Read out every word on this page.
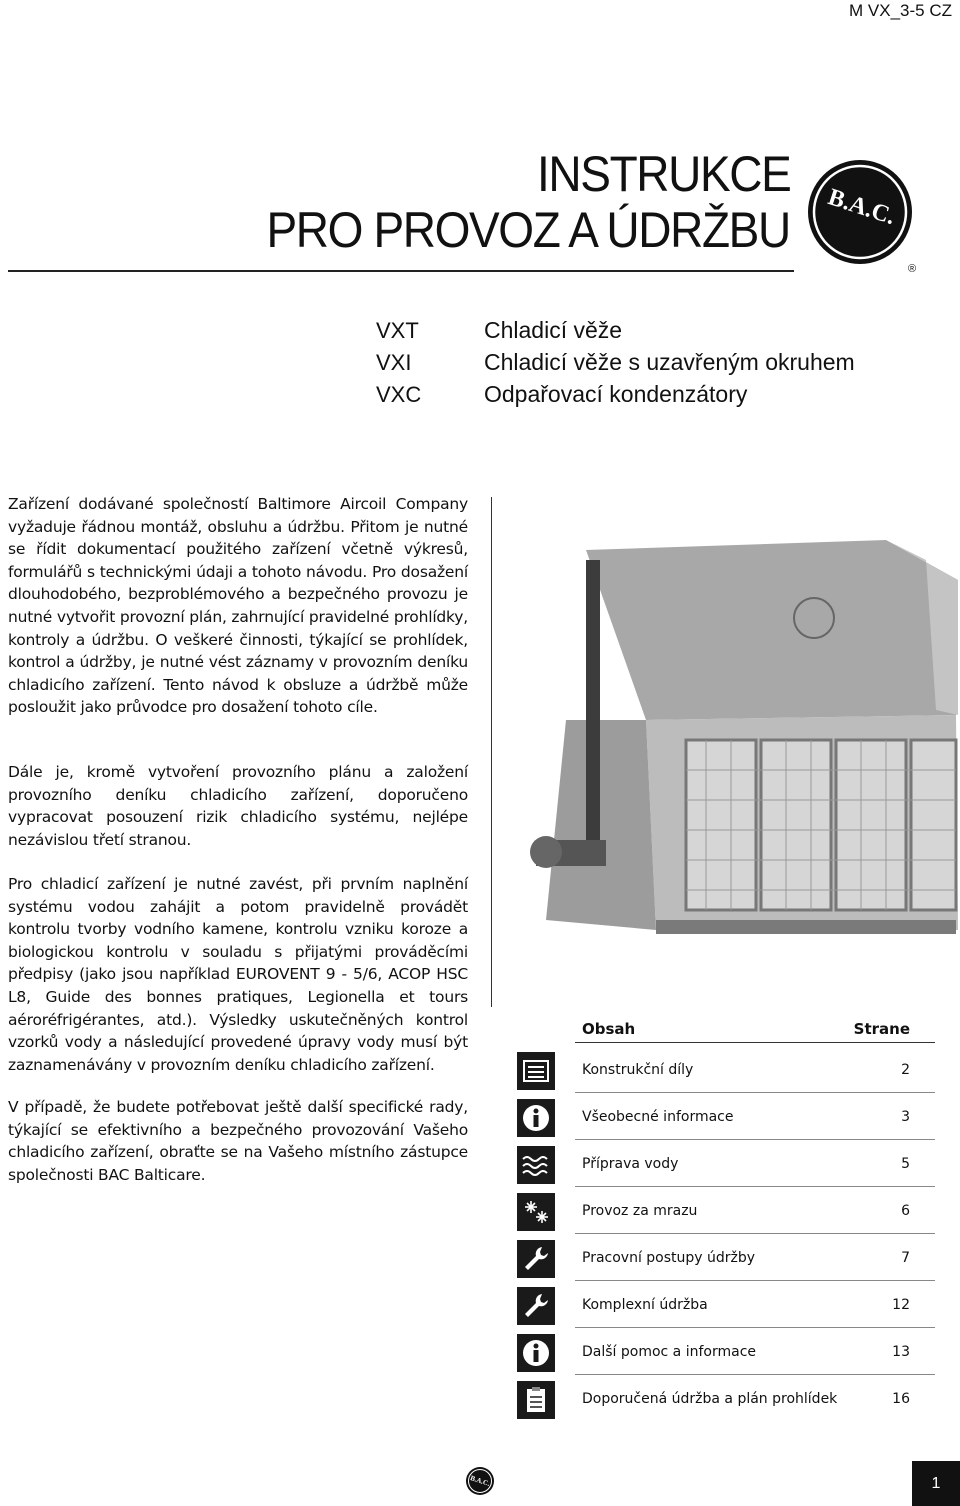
M VX_3-5 CZ
INSTRUKCE
PRO PROVOZ A ÚDRŽBU B.A.C.
®
VXT	Chladicí věže
VXI	Chladicí věže s uzavřeným okruhem
VXC	Odpařovací kondenzátory
Zařízení dodávané společností Baltimore Aircoil Company vyžaduje řádnou montáž, obsluhu a údržbu. Přitom je nutné se řídit dokumentací použitého zařízení včetně výkresů, formulářů s technickými údaji a tohoto návodu. Pro dosažení dlouhodobého, bezproblémového a bezpečného provozu je nutné vytvořit provozní plán, zahrnující pravidelné prohlídky, kontroly a údržbu. O veškeré činnosti, týkající se prohlídek, kontrol a údržby, je nutné vést záznamy v provozním deníku chladicího zařízení. Tento návod k obsluze a údržbě může posloužit jako průvodce pro dosažení tohoto cíle.
Dále je, kromě vytvoření provozního plánu a založení provozního deníku chladicího zařízení, doporučeno vypracovat posouzení rizik chladicího systému, nejlépe nezávislou třetí stranou.
Pro chladicí zařízení je nutné zavést, při prvním naplnění systému vodou zahájit a potom pravidelně provádět kontrolu tvorby vodního kamene, kontrolu vzniku koroze a biologickou kontrolu v souladu s přijatými prováděcími předpisy (jako jsou například EUROVENT 9 - 5/6, ACOP HSC L8, Guide des bonnes pratiques, Legionella et tours aéroréfrigérantes, atd.). Výsledky uskutečněných kontrol vzorků vody a následující provedené úpravy vody musí být zaznamenávány v provozním deníku chladicího zařízení.
V případě, že budete potřebovat ještě další specifické rady, týkající se efektivního a bezpečného provozování Vašeho chladicího zařízení, obraťte se na Vašeho místního zástupce společnosti BAC Balticare.
Obsah	Strane
Konstrukční díly	2
Všeobecné informace	3
Příprava vody	5
Provoz za mrazu	6
Pracovní postupy údržby	7
Komplexní údržba	12
Další pomoc a informace	13
Doporučená údržba a plán prohlídek	16
B.A.C.	1
